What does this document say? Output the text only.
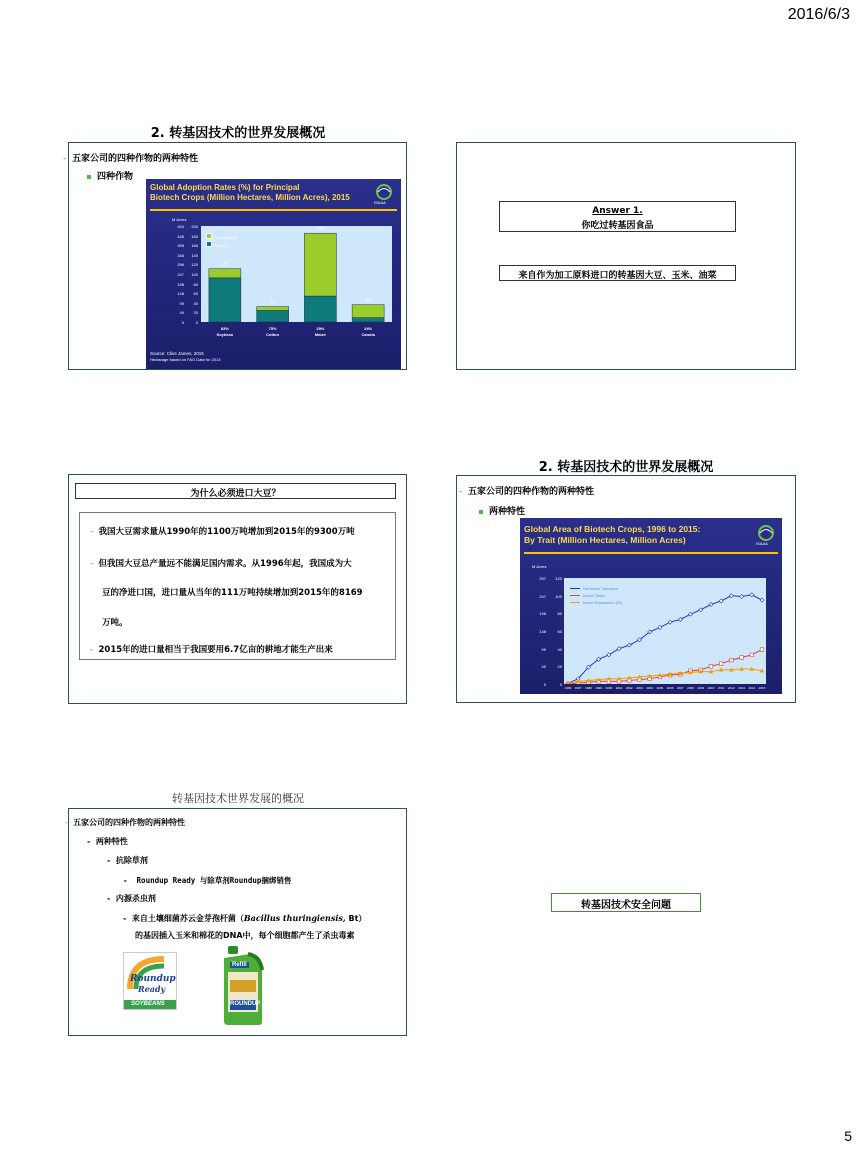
2016/6/3
5
2. 转基因技术的世界发展概况
-  五家公司的四种作物的两种特性
四种作物
Global Adoption Rates (%) for Principal
Biotech Crops (Million Hectares, Million Acres), 2015
ISAAA
M Acres
0
0
20
49
40
99
60
148
80
198
100
247
120
296
140
346
160
395
180
445
200
494
111
32
185
36
83%
Soybean
75%
Cotton
29%
Maize
24%
Canola
Conventional
Biotech
Source: Clive James, 2015
Hectarage based on FAO Data for 2013
Answer 1.
你吃过转基因食品
来自作为加工原料进口的转基因大豆、玉米、油菜
为什么必须进口大豆？
-  我国大豆需求量从1990年的1100万吨增加到2015年的9300万吨
-  但我国大豆总产量远不能满足国内需求。从1996年起，我国成为大
豆的净进口国，进口量从当年的111万吨持续增加到2015年的8169
万吨。
-  2015年的进口量相当于我国要用6.7亿亩的耕地才能生产出来
2. 转基因技术的世界发展概况
-  五家公司的四种作物的两种特性
两种特性
Global Area of Biotech Crops, 1996 to 2015:
By Trait (Million Hectares, Million Acres)	ISAAA
M Acres
0
0
20
49
40
99
60
148
80
198
100
247
120
297
1996	1997	1998	1999	2000	2001	2002	2003	2004	2005	2006	2007	2008	2009	2010	2011	2012	2013	2014	2015
Herbicide Tolerance
Insect Traits
Insect Resistance (Bt)
转基因技术世界发展的概况
-  五家公司的四种作物的两种特性
-  两种特性
-  抗除草剂
-  Roundup Ready 与除草剂Roundup捆绑销售
-  内源杀虫剂
-  来自土壤细菌苏云金芽孢杆菌（Bacillus thuringiensis, Bt）
的基因插入玉米和棉花的DNA中，每个细胞都产生了杀虫毒素
Roundup
Ready
SOYBEANS
Refill
ROUNDUP
转基因技术安全问题
